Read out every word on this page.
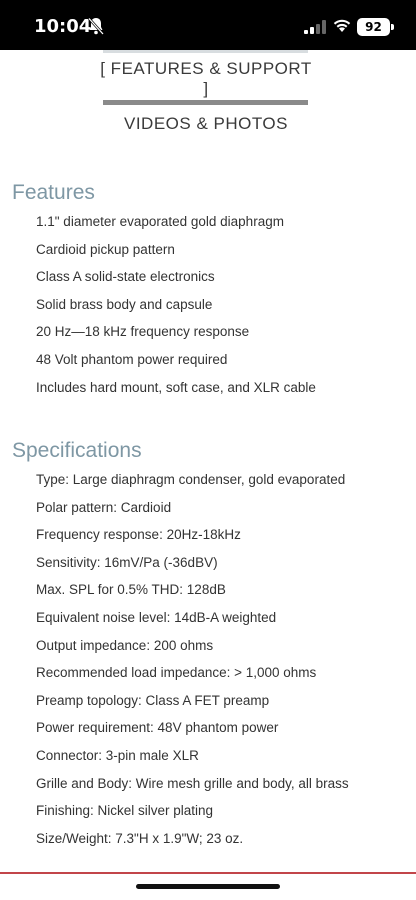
10:04	92
[ FEATURES & SUPPORT ]
VIDEOS & PHOTOS
Features
1.1" diameter evaporated gold diaphragm
Cardioid pickup pattern
Class A solid-state electronics
Solid brass body and capsule
20 Hz—18 kHz frequency response
48 Volt phantom power required
Includes hard mount, soft case, and XLR cable
Specifications
Type: Large diaphragm condenser, gold evaporated
Polar pattern: Cardioid
Frequency response: 20Hz-18kHz
Sensitivity: 16mV/Pa (-36dBV)
Max. SPL for 0.5% THD: 128dB
Equivalent noise level: 14dB-A weighted
Output impedance: 200 ohms
Recommended load impedance: > 1,000 ohms
Preamp topology: Class A FET preamp
Power requirement: 48V phantom power
Connector: 3-pin male XLR
Grille and Body: Wire mesh grille and body, all brass
Finishing: Nickel silver plating
Size/Weight: 7.3"H x 1.9"W; 23 oz.
